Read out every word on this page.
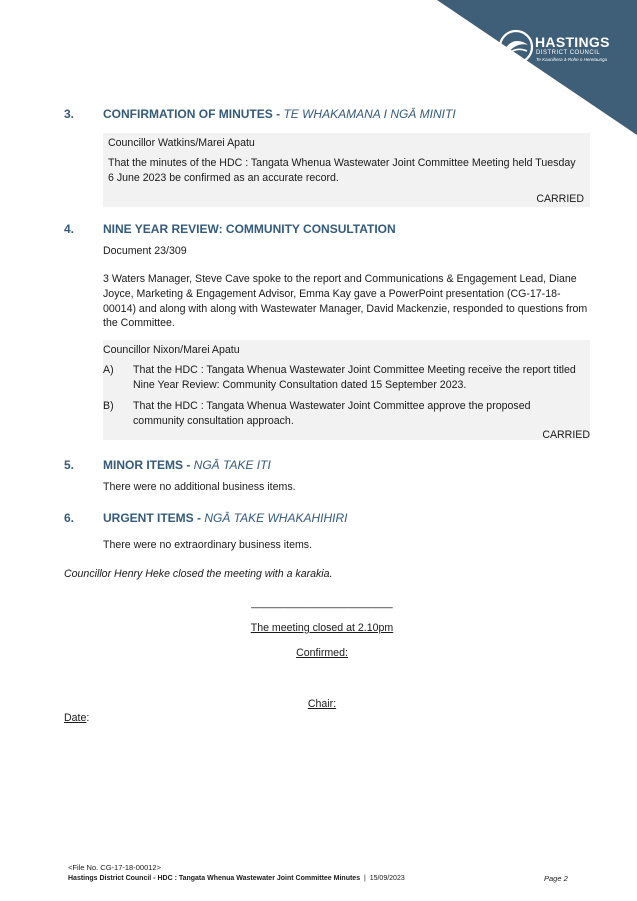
HASTINGS
DISTRICT COUNCIL
Te Kaunihera ā-Rohe o Heretaunga
3. CONFIRMATION OF MINUTES - TE WHAKAMANA I NGĀ MINITI
Councillor Watkins/Marei Apatu
That the minutes of the HDC : Tangata Whenua Wastewater Joint Committee Meeting held Tuesday 6 June 2023 be confirmed as an accurate record.
CARRIED
4. NINE YEAR REVIEW: COMMUNITY CONSULTATION
Document 23/309
3 Waters Manager, Steve Cave spoke to the report and Communications & Engagement Lead, Diane Joyce, Marketing & Engagement Advisor, Emma Kay gave a PowerPoint presentation (CG-17-18-00014) and along with along with Wastewater Manager, David Mackenzie, responded to questions from the Committee.
Councillor Nixon/Marei Apatu
A) That the HDC : Tangata Whenua Wastewater Joint Committee Meeting receive the report titled Nine Year Review: Community Consultation dated 15 September 2023.
B) That the HDC : Tangata Whenua Wastewater Joint Committee approve the proposed community consultation approach.
CARRIED
5. MINOR ITEMS - NGĀ TAKE ITI
There were no additional business items.
6. URGENT ITEMS - NGĀ TAKE WHAKAHIHIRI
There were no extraordinary business items.
Councillor Henry Heke closed the meeting with a karakia.
________________________
The meeting closed at 2.10pm
Confirmed:
Chair:
Date:
<File No. CG-17-18-00012>
Hastings District Council - HDC : Tangata Whenua Wastewater Joint Committee Minutes  |  15/09/2023	Page 2
